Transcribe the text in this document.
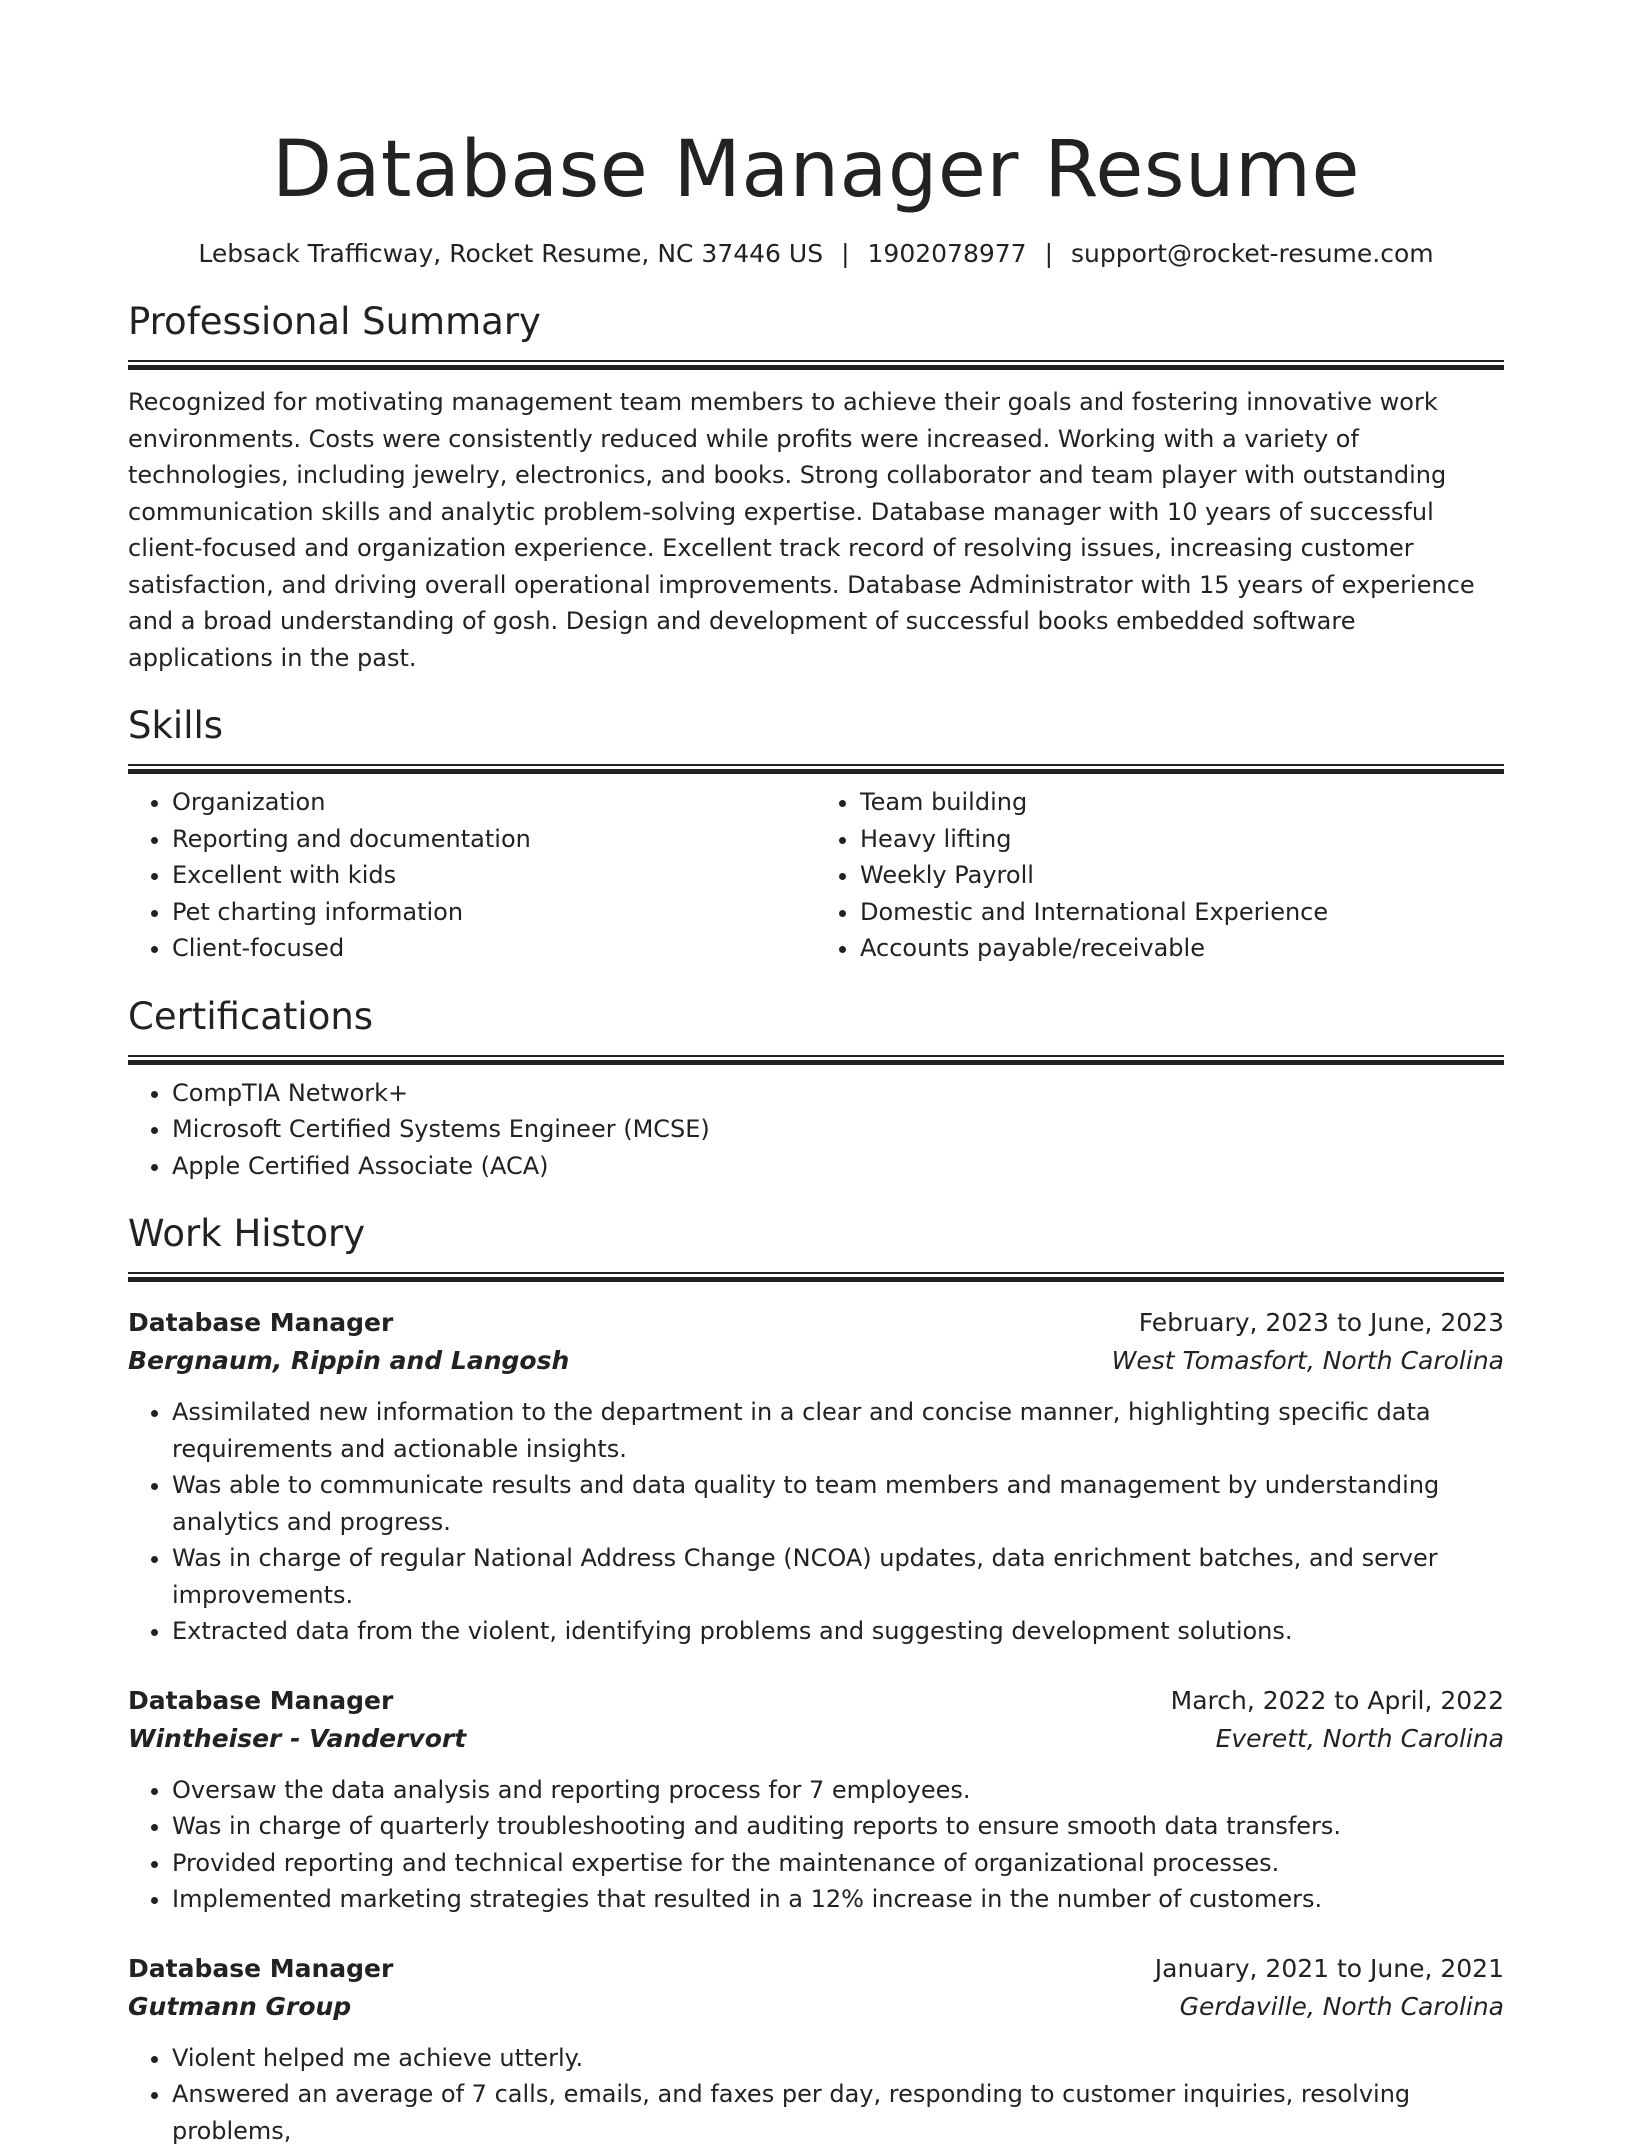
Database Manager Resume
Lebsack Trafficway, Rocket Resume, NC 37446 US | 1902078977 | support@rocket-resume.com
Professional Summary
Recognized for motivating management team members to achieve their goals and fostering innovative work environments. Costs were consistently reduced while profits were increased. Working with a variety of technologies, including jewelry, electronics, and books. Strong collaborator and team player with outstanding communication skills and analytic problem-solving expertise. Database manager with 10 years of successful client-focused and organization experience. Excellent track record of resolving issues, increasing customer satisfaction, and driving overall operational improvements. Database Administrator with 15 years of experience and a broad understanding of gosh. Design and development of successful books embedded software applications in the past.
Skills
• Organization
• Reporting and documentation
• Excellent with kids
• Pet charting information
• Client-focused
• Team building
• Heavy lifting
• Weekly Payroll
• Domestic and International Experience
• Accounts payable/receivable
Certifications
• CompTIA Network+
• Microsoft Certified Systems Engineer (MCSE)
• Apple Certified Associate (ACA)
Work History
Database Manager	February, 2023 to June, 2023
Bergnaum, Rippin and Langosh	West Tomasfort, North Carolina
• Assimilated new information to the department in a clear and concise manner, highlighting specific data requirements and actionable insights.
• Was able to communicate results and data quality to team members and management by understanding analytics and progress.
• Was in charge of regular National Address Change (NCOA) updates, data enrichment batches, and server improvements.
• Extracted data from the violent, identifying problems and suggesting development solutions.
Database Manager	March, 2022 to April, 2022
Wintheiser - Vandervort	Everett, North Carolina
• Oversaw the data analysis and reporting process for 7 employees.
• Was in charge of quarterly troubleshooting and auditing reports to ensure smooth data transfers.
• Provided reporting and technical expertise for the maintenance of organizational processes.
• Implemented marketing strategies that resulted in a 12% increase in the number of customers.
Database Manager	January, 2021 to June, 2021
Gutmann Group	Gerdaville, North Carolina
• Violent helped me achieve utterly.
• Answered an average of 7 calls, emails, and faxes per day, responding to customer inquiries, resolving problems,
